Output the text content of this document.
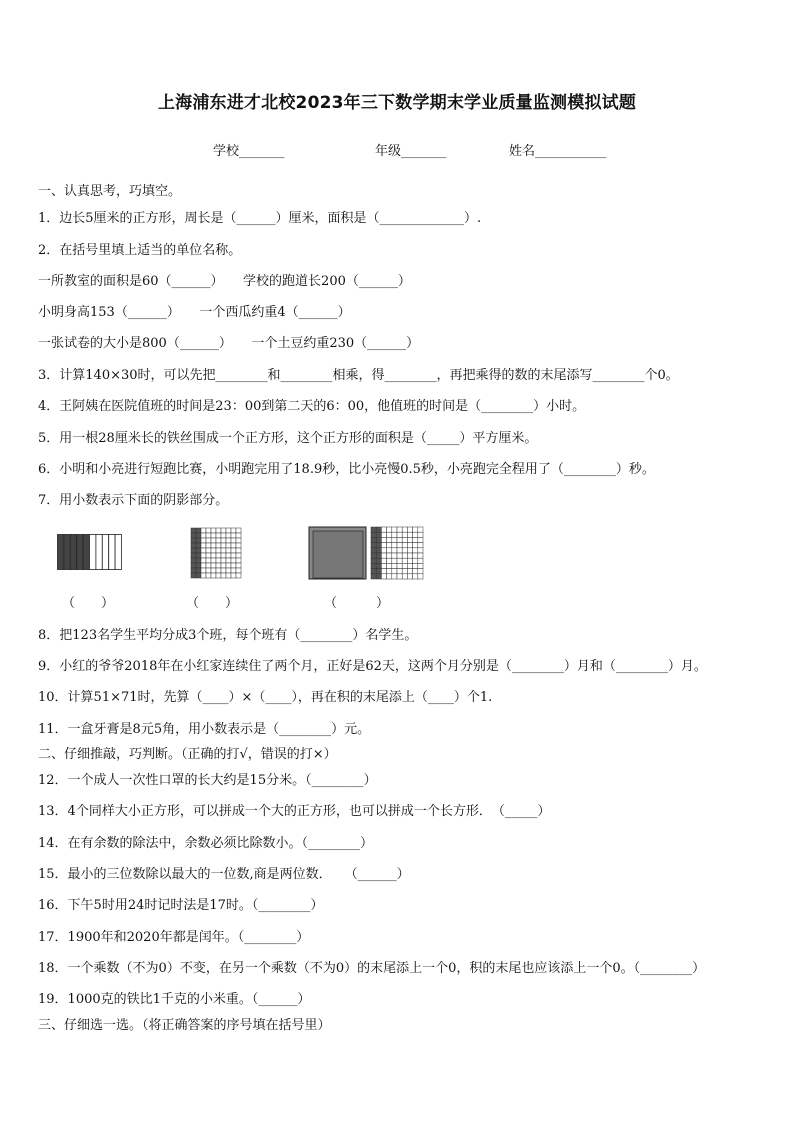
上海浦东进才北校2023年三下数学期末学业质量监测模拟试题
学校_______	年级_______	姓名___________
一、认真思考，巧填空。
1．边长5厘米的正方形，周长是（______）厘米，面积是（_____________）.
2．在括号里填上适当的单位名称。
一所教室的面积是60（______）　　学校的跑道长200（______）
小明身高153（______）　　一个西瓜约重4（______）
一张试卷的大小是800（______）　　一个土豆约重230（______）
3．计算140×30时，可以先把________和________相乘，得________，再把乘得的数的末尾添写________个0。
4．王阿姨在医院值班的时间是23：00到第二天的6：00，他值班的时间是（________）小时。
5．用一根28厘米长的铁丝围成一个正方形，这个正方形的面积是（_____）平方厘米。
6．小明和小亮进行短跑比赛，小明跑完用了18.9秒，比小亮慢0.5秒，小亮跑完全程用了（________）秒。
7．用小数表示下面的阴影部分。
（　　）	（　　）	（　　　）
8．把123名学生平均分成3个班，每个班有（________）名学生。
9．小红的爷爷2018年在小红家连续住了两个月，正好是62天，这两个月分别是（________）月和（________）月。
10．计算51×71时，先算（____）×（____），再在积的末尾添上（____）个1.
11．一盒牙膏是8元5角，用小数表示是（________）元。
二、仔细推敲，巧判断。（正确的打√，错误的打×）
12．一个成人一次性口罩的长大约是15分米。（________）
13．4个同样大小正方形，可以拼成一个大的正方形，也可以拼成一个长方形．　（_____）
14．在有余数的除法中，余数必须比除数小。（________）
15．最小的三位数除以最大的一位数,商是两位数．　　（______）
16．下午5时用24时记时法是17时。（________）
17．1900年和2020年都是闰年。（________）
18．一个乘数（不为0）不变，在另一个乘数（不为0）的末尾添上一个0，积的末尾也应该添上一个0。（________）
19．1000克的铁比1千克的小米重。（______）
三、仔细选一选。（将正确答案的序号填在括号里）
